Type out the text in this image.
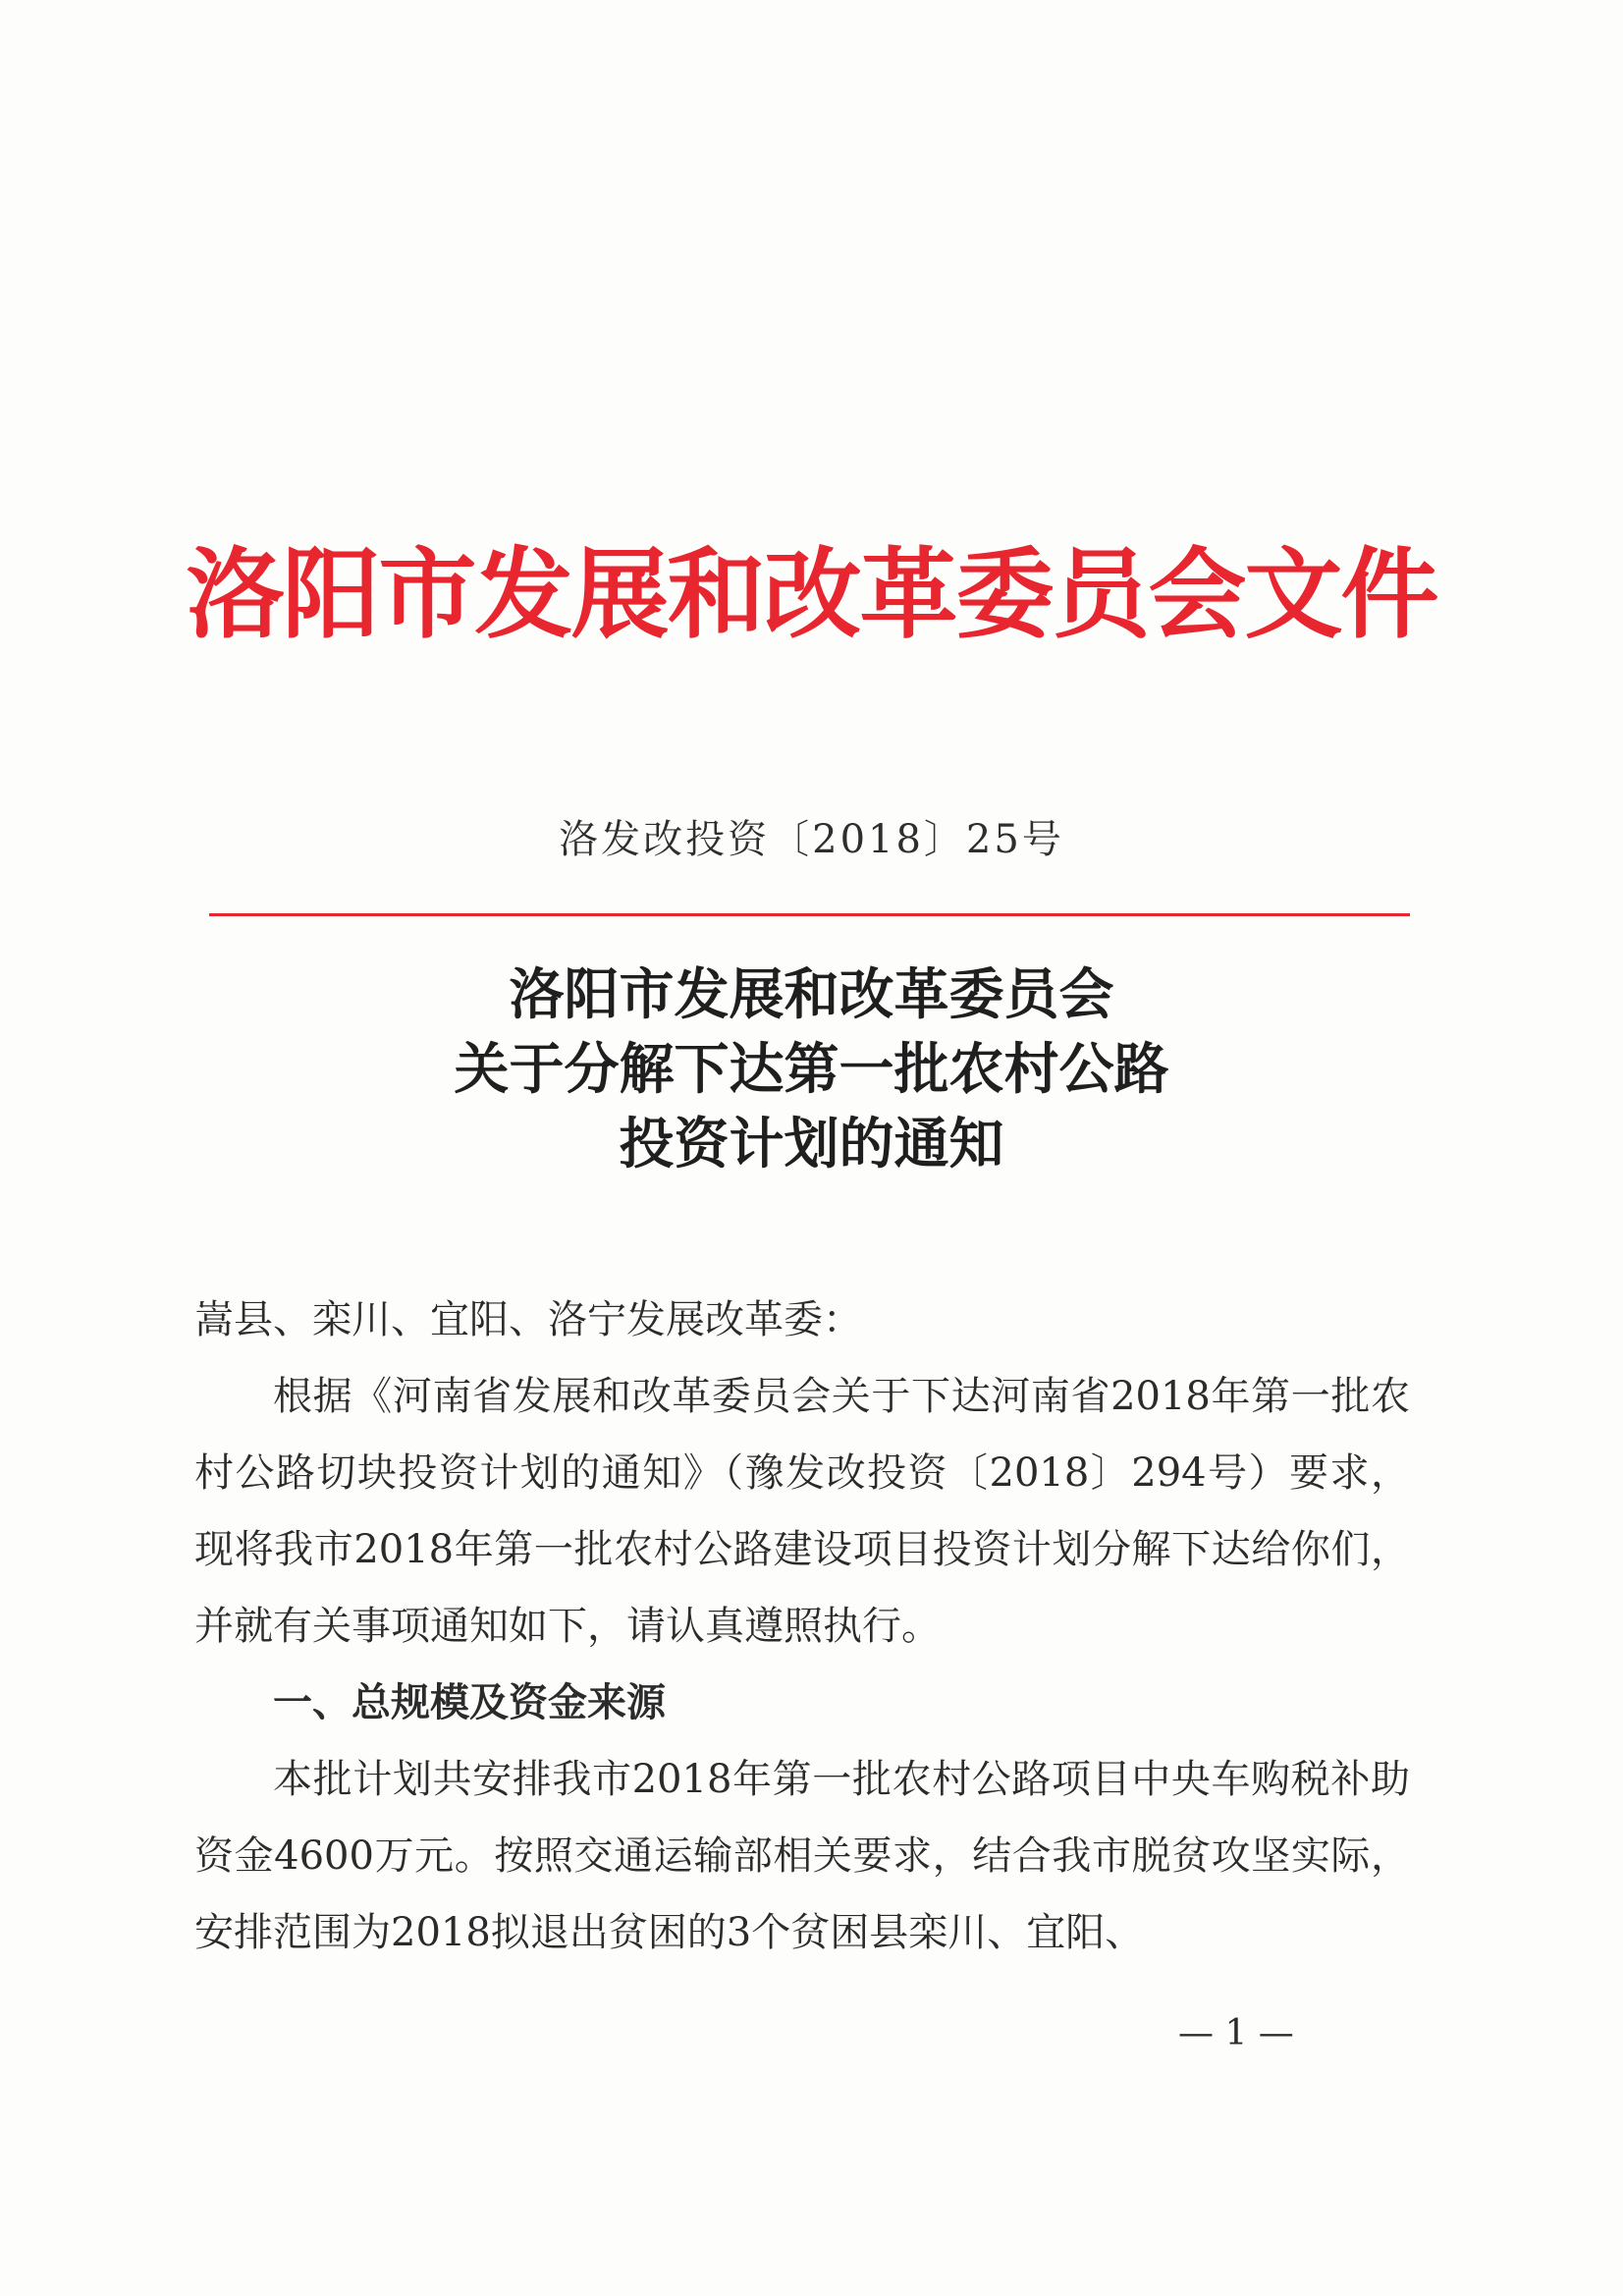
洛阳市发展和改革委员会文件
洛发改投资〔2018〕25号
洛阳市发展和改革委员会
关于分解下达第一批农村公路
投资计划的通知
嵩县、栾川、宜阳、洛宁发展改革委：
根据《河南省发展和改革委员会关于下达河南省2018年第一批农村公路切块投资计划的通知》（豫发改投资〔2018〕294号）要求，现将我市2018年第一批农村公路建设项目投资计划分解下达给你们，并就有关事项通知如下，请认真遵照执行。
一、总规模及资金来源
本批计划共安排我市2018年第一批农村公路项目中央车购税补助资金4600万元。按照交通运输部相关要求，结合我市脱贫攻坚实际，安排范围为2018拟退出贫困的3个贫困县栾川、宜阳、
— 1 —
